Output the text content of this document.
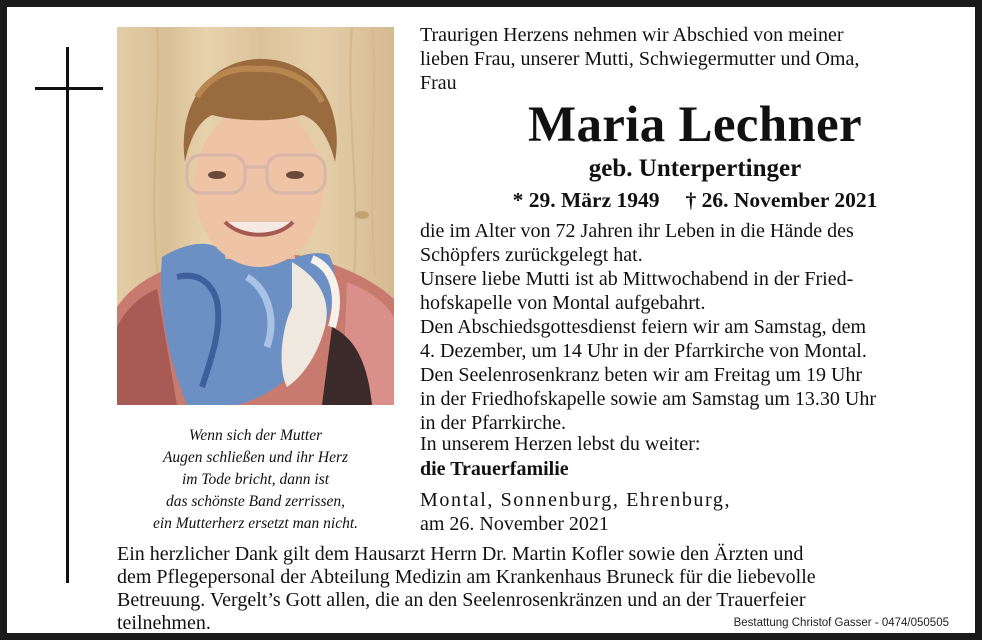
Wenn sich der Mutter
Augen schließen und ihr Herz
im Tode bricht, dann ist
das schönste Band zerrissen,
ein Mutterherz ersetzt man nicht.
Traurigen Herzens nehmen wir Abschied von meiner
lieben Frau, unserer Mutti, Schwiegermutter und Oma,
Frau
Maria Lechner
geb. Unterpertinger
* 29. März 1949 † 26. November 2021
die im Alter von 72 Jahren ihr Leben in die Hände des
Schöpfers zurückgelegt hat.
Unsere liebe Mutti ist ab Mittwochabend in der Fried-
hofskapelle von Montal aufgebahrt.
Den Abschiedsgottesdienst feiern wir am Samstag, dem
4. Dezember, um 14 Uhr in der Pfarrkirche von Montal.
Den Seelenrosenkranz beten wir am Freitag um 19 Uhr
in der Friedhofskapelle sowie am Samstag um 13.30 Uhr
in der Pfarrkirche.
In unserem Herzen lebst du weiter:
die Trauerfamilie
Montal, Sonnenburg, Ehrenburg,
am 26. November 2021
Ein herzlicher Dank gilt dem Hausarzt Herrn Dr. Martin Kofler sowie den Ärzten und
dem Pflegepersonal der Abteilung Medizin am Krankenhaus Bruneck für die liebevolle
Betreuung. Vergelt’s Gott allen, die an den Seelenrosenkränzen und an der Trauerfeier
teilnehmen.	Bestattung Christof Gasser - 0474/050505
